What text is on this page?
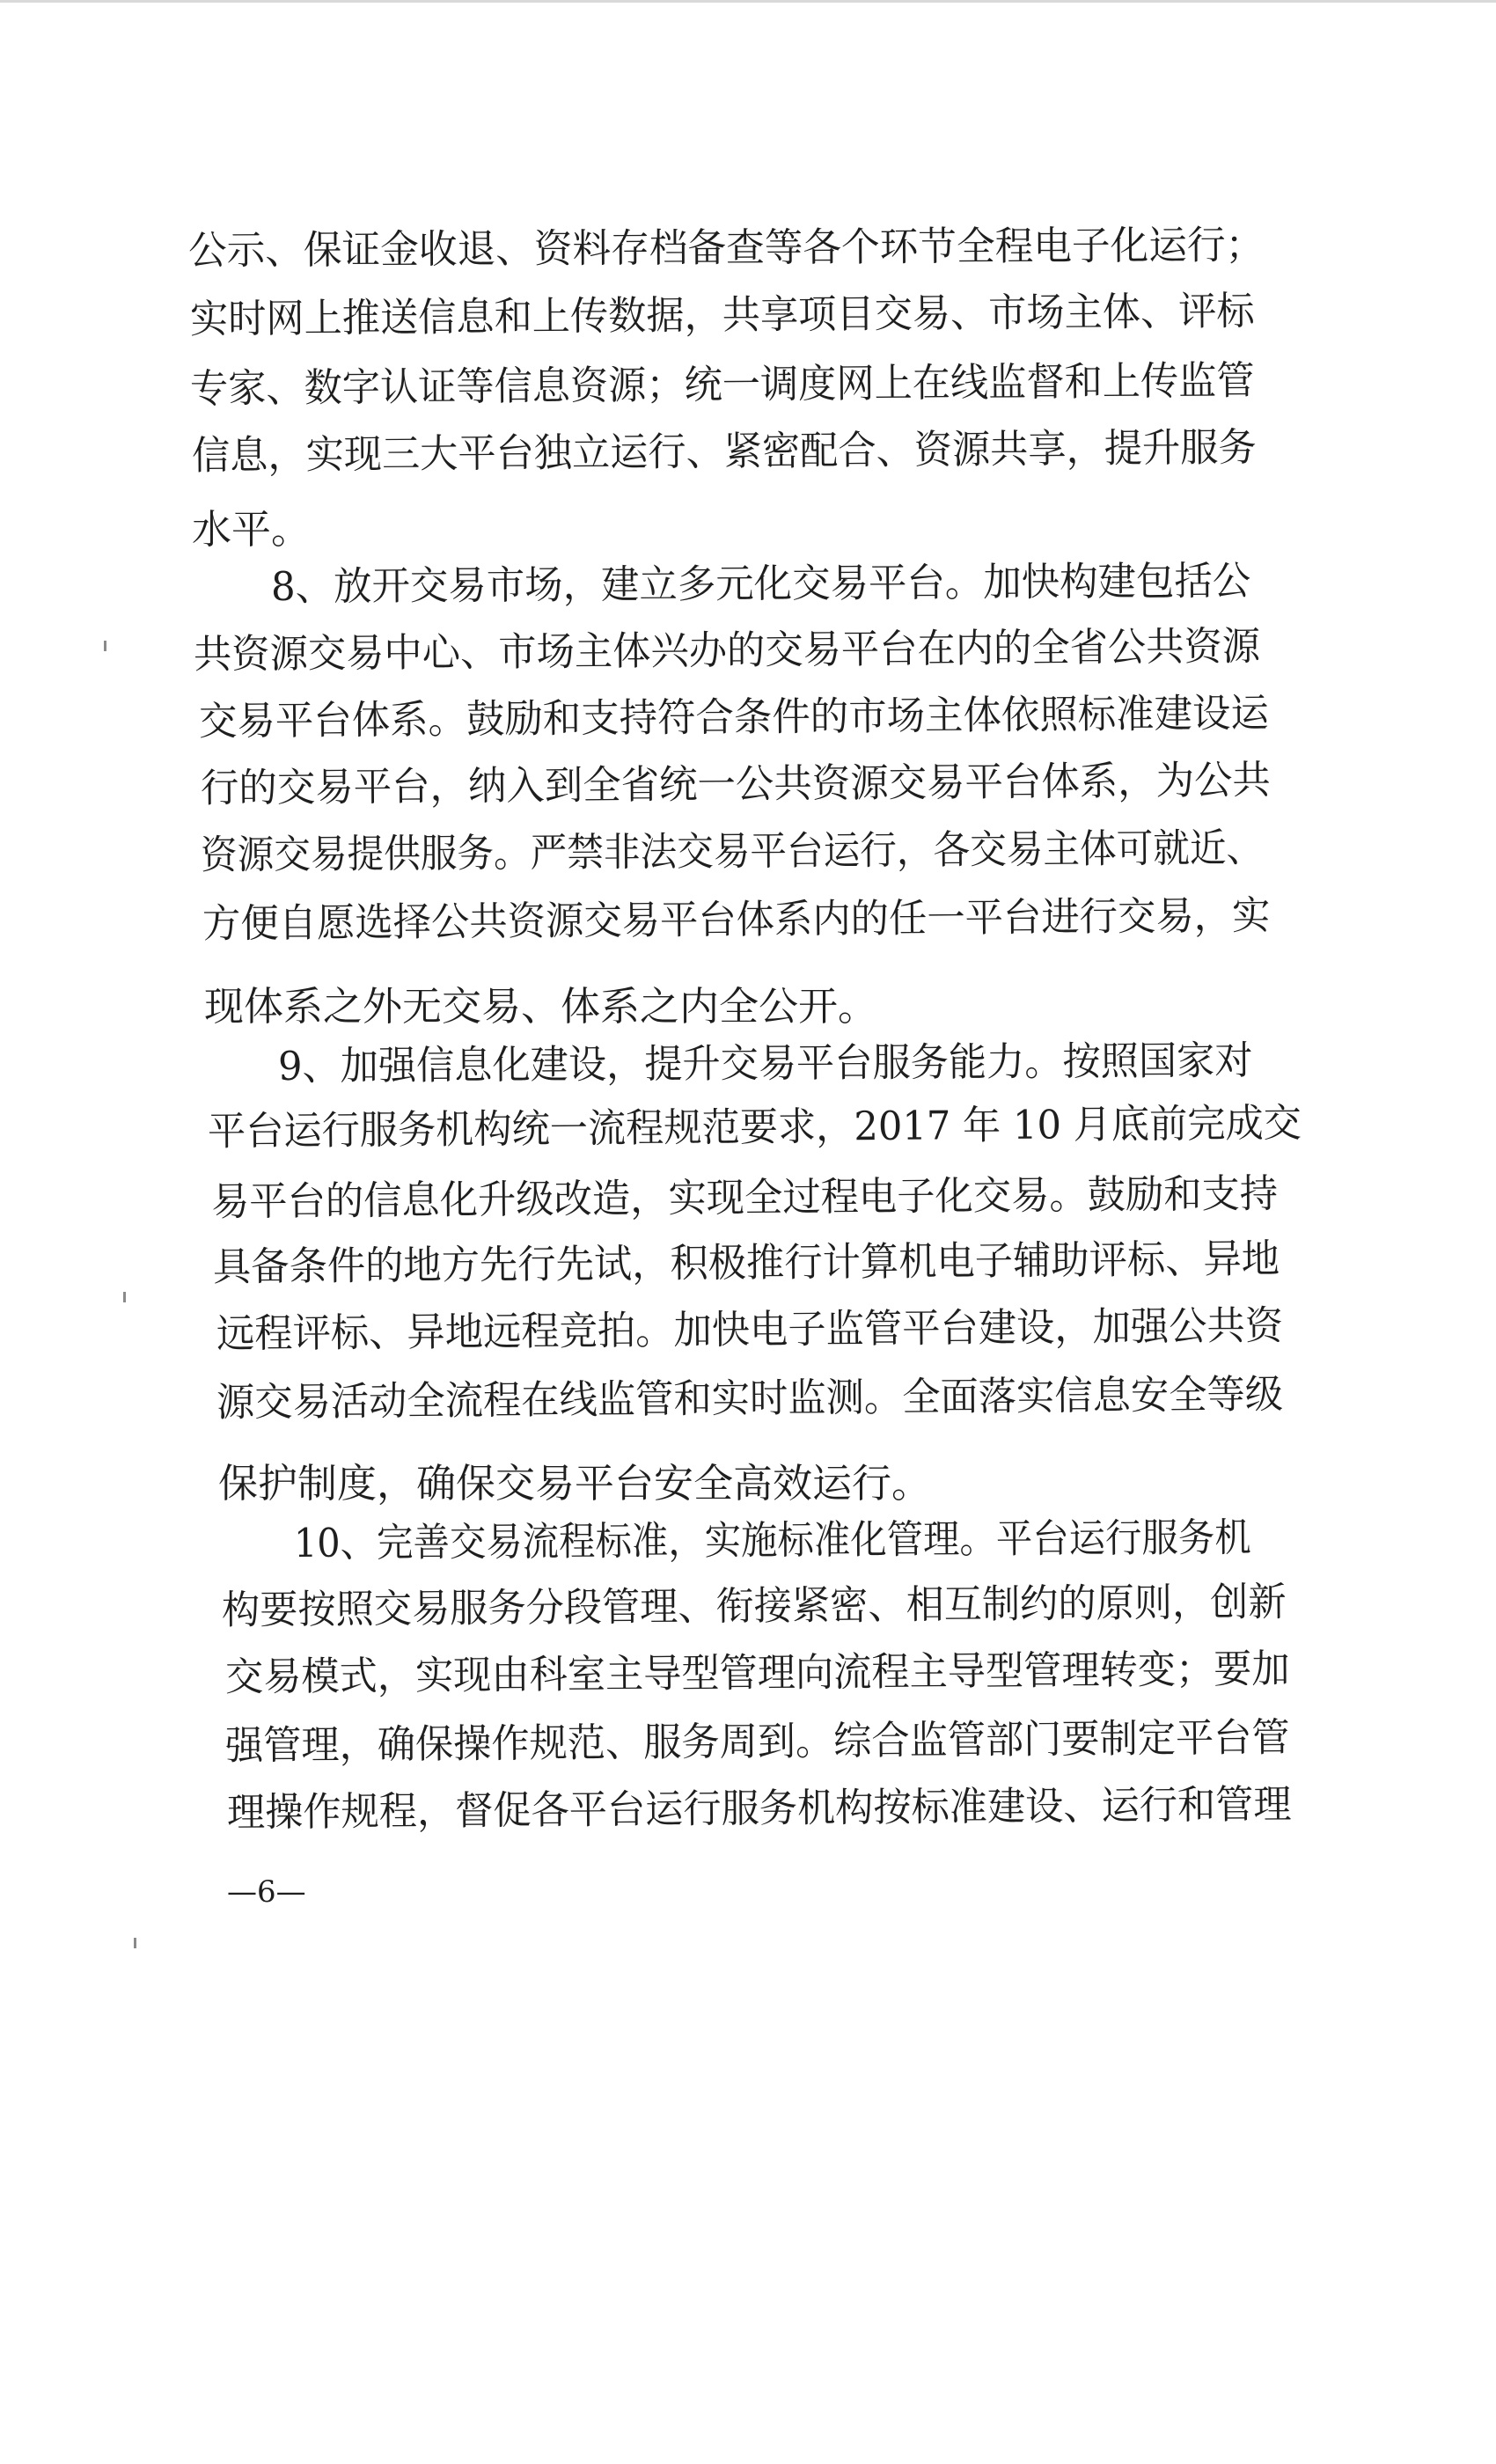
公示、保证金收退、资料存档备查等各个环节全程电子化运行；
实时网上推送信息和上传数据，共享项目交易、市场主体、评标
专家、数字认证等信息资源；统一调度网上在线监督和上传监管
信息，实现三大平台独立运行、紧密配合、资源共享，提升服务
水平。
8、放开交易市场，建立多元化交易平台。加快构建包括公
共资源交易中心、市场主体兴办的交易平台在内的全省公共资源
交易平台体系。鼓励和支持符合条件的市场主体依照标准建设运
行的交易平台，纳入到全省统一公共资源交易平台体系，为公共
资源交易提供服务。严禁非法交易平台运行，各交易主体可就近、
方便自愿选择公共资源交易平台体系内的任一平台进行交易，实
现体系之外无交易、体系之内全公开。
9、加强信息化建设，提升交易平台服务能力。按照国家对
平台运行服务机构统一流程规范要求，2017 年 10 月底前完成交
易平台的信息化升级改造，实现全过程电子化交易。鼓励和支持
具备条件的地方先行先试，积极推行计算机电子辅助评标、异地
远程评标、异地远程竞拍。加快电子监管平台建设，加强公共资
源交易活动全流程在线监管和实时监测。全面落实信息安全等级
保护制度，确保交易平台安全高效运行。
10、完善交易流程标准，实施标准化管理。平台运行服务机
构要按照交易服务分段管理、衔接紧密、相互制约的原则，创新
交易模式，实现由科室主导型管理向流程主导型管理转变；要加
强管理，确保操作规范、服务周到。综合监管部门要制定平台管
理操作规程，督促各平台运行服务机构按标准建设、运行和管理
—6—
